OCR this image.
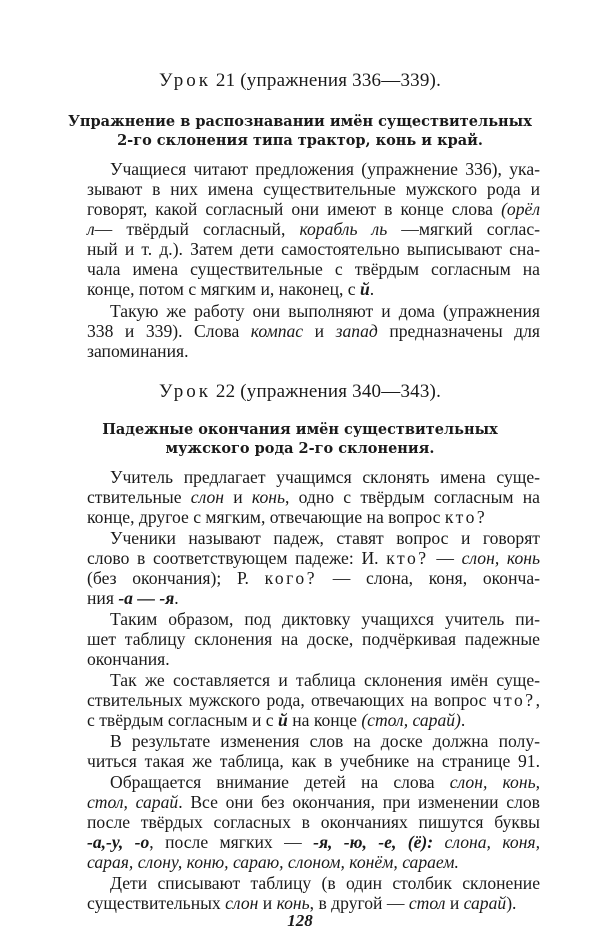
Урок 21 (упражнения 336—339).
Упражнение в распознавании имён существительных
2-го склонения типа трактор, конь и край.
Учащиеся читают предложения (упражнение 336), ука-
зывают в них имена существительные мужского рода и
говорят, какой согласный они имеют в конце слова (орёл
л— твёрдый согласный, корабль ль —мягкий соглас-
ный и т. д.). Затем дети самостоятельно выписывают сна-
чала имена существительные с твёрдым согласным на
конце, потом с мягким и, наконец, с й.
Такую же работу они выполняют и дома (упражнения
338 и 339). Слова компас и запад предназначены для
запоминания.
Урок 22 (упражнения 340—343).
Падежные окончания имён существительных
мужского рода 2-го склонения.
Учитель предлагает учащимся склонять имена суще-
ствительные слон и конь, одно с твёрдым согласным на
конце, другое с мягким, отвечающие на вопрос кто?
Ученики называют падеж, ставят вопрос и говорят
слово в соответствующем падеже: И. кто? — слон, конь
(без окончания); Р. кого? — слона, коня, оконча-
ния -а — -я.
Таким образом, под диктовку учащихся учитель пи-
шет таблицу склонения на доске, подчёркивая падежные
окончания.
Так же составляется и таблица склонения имён суще-
ствительных мужского рода, отвечающих на вопрос что?,
с твёрдым согласным и с й на конце (стол, сарай).
В результате изменения слов на доске должна полу-
читься такая же таблица, как в учебнике на странице 91.
Обращается внимание детей на слова слон, конь,
стол, сарай. Все они без окончания, при изменении слов
после твёрдых согласных в окончаниях пишутся буквы
-а,-у, -о, после мягких — -я, -ю, -е, (ё): слона, коня,
сарая, слону, коню, сараю, слоном, конём, сараем.
Дети списывают таблицу (в один столбик склонение
существительных слон и конь, в другой — стол и сарай).
128
